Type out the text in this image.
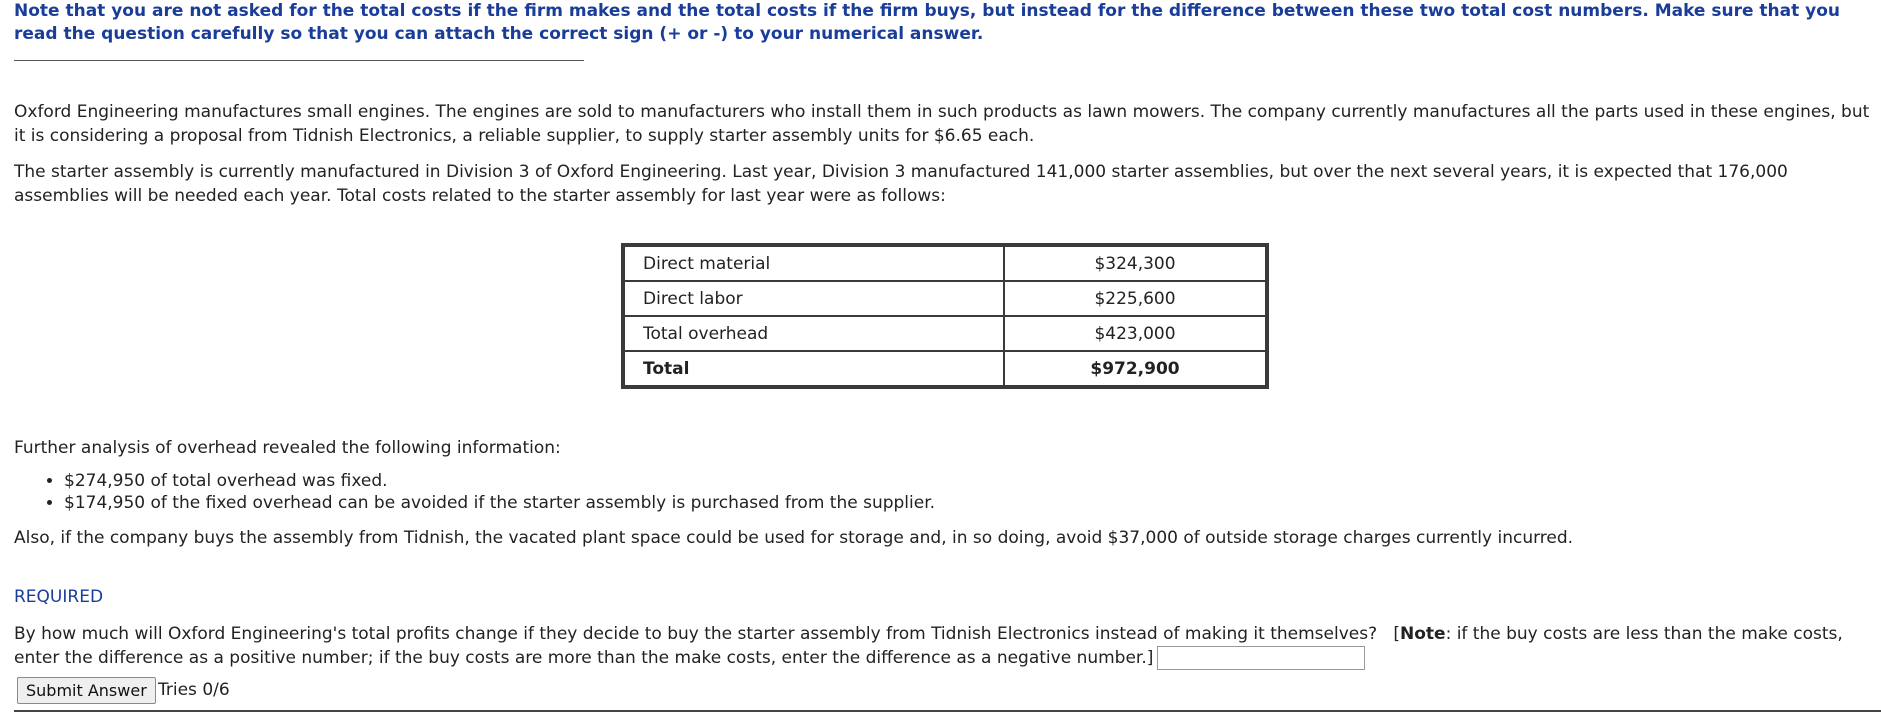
Note that you are not asked for the total costs if the firm makes and the total costs if the firm buys, but instead for the difference between these two total cost numbers. Make sure that you read the question carefully so that you can attach the correct sign (+ or -) to your numerical answer.

Oxford Engineering manufactures small engines. The engines are sold to manufacturers who install them in such products as lawn mowers. The company currently manufactures all the parts used in these engines, but it is considering a proposal from Tidnish Electronics, a reliable supplier, to supply starter assembly units for $6.65 each.

The starter assembly is currently manufactured in Division 3 of Oxford Engineering. Last year, Division 3 manufactured 141,000 starter assemblies, but over the next several years, it is expected that 176,000 assemblies will be needed each year. Total costs related to the starter assembly for last year were as follows:

Direct material	$324,300
Direct labor	$225,600
Total overhead	$423,000
Total	$972,900

Further analysis of overhead revealed the following information:

• $274,950 of total overhead was fixed.
• $174,950 of the fixed overhead can be avoided if the starter assembly is purchased from the supplier.

Also, if the company buys the assembly from Tidnish, the vacated plant space could be used for storage and, in so doing, avoid $37,000 of outside storage charges currently incurred.

REQUIRED

By how much will Oxford Engineering's total profits change if they decide to buy the starter assembly from Tidnish Electronics instead of making it themselves? [Note: if the buy costs are less than the make costs, enter the difference as a positive number; if the buy costs are more than the make costs, enter the difference as a negative number.]

Submit Answer Tries 0/6
